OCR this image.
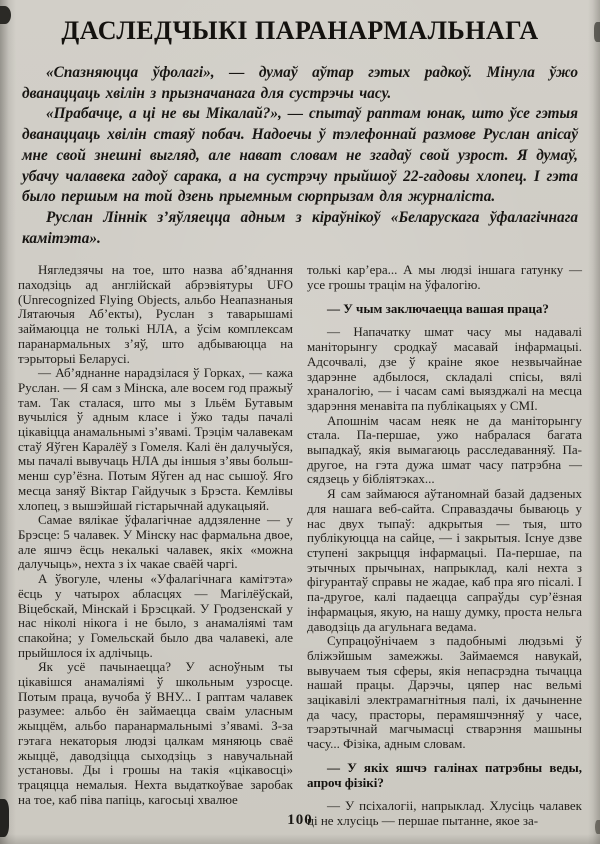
ДАСЛЕДЧЫКІ ПАРАНАРМАЛЬНАГА

«Спазняюцца ўфолагі», — думаў аўтар гэтых радкоў. Мінула ўжо дванаццаць хвілін з прызначанага для сустрэчы часу.

«Прабачце, а ці не вы Мікалай?», — спытаў раптам юнак, што ўсе гэтыя дванаццаць хвілін стаяў побач. Надоечы ў тэлефоннай размове Руслан апісаў мне свой знешні выгляд, але нават словам не згадаў свой узрост. Я думаў, убачу чалавека гадоў сарака, а на сустрэчу прыйшоў 22-гадовы хлопец. І гэта было першым на той дзень прыемным сюрпрызам для журналіста.

Руслан Ліннік з’яўляецца адным з кіраўнікоў «Беларускага ўфалагічнага камітэта».

Нягледзячы на тое, што назва аб’яднання паходзіць ад англійскай абрэвіятуры UFO (Unrecognized Flying Objects, альбо Неапазнаныя Лятаючыя Аб’екты), Руслан з таварышамі займаюцца не толькі НЛА, а ўсім комплексам паранармальных з’яў, што адбываюцца на тэрыторыі Беларусі.

— Аб’яднанне нарадзілася ў Горках, — кажа Руслан. — Я сам з Мінска, але восем год пражыў там. Так сталася, што мы з Ільём Бутавым вучыліся ў адным класе і ўжо тады пачалі цікавіцца анамальнымі з’явамі. Трэцім чалавекам стаў Яўген Каралёў з Гомеля. Калі ён далучыўся, мы пачалі вывучаць НЛА ды іншыя з’явы больш-менш сур’ёзна. Потым Яўген ад нас сышоў. Яго месца заняў Віктар Гайдучык з Брэста. Кемлівы хлопец, з вышэйшай гістарычнай адукацыяй.

Самае вялікае ўфалагічнае аддзяленне — у Брэсце: 5 чалавек. У Мінску нас фармальна двое, але яшчэ ёсць некалькі чалавек, якіх «можна далучыць», нехта з іх чакае сваёй чаргі.

А ўвогуле, члены «Уфалагічнага камітэта» ёсць у чатырох абласцях — Магілёўскай, Віцебскай, Мінскай і Брэсцкай. У Гродзенскай у нас ніколі нікога і не было, з анамаліямі там спакойна; у Гомельскай было два чалавекі, але прыйшлося іх адлічыць.

Як усё пачынаецца? У асноўным ты цікавішся анамаліямі ў школьным узросце. Потым праца, вучоба ў ВНУ... І раптам чалавек разумее: альбо ён займаецца сваім уласным жыццём, альбо паранармальнымі з’явамі. З-за гэтага некаторыя людзі цалкам мяняюць сваё жыццё, даводзіцца сыходзіць з навучальнай установы. Ды і грошы на такія «цікавосці» трацяцца немалыя. Нехта выдаткоўвае заробак на тое, каб піва папіць, кагосьці хвалюе

толькі кар’ера... А мы людзі іншага гатунку — усе грошы трацім на ўфалогію.

— У чым заключаецца вашая праца?

— Напачатку шмат часу мы надавалі маніторынгу сродкаў масавай інфармацыі. Адсочвалі, дзе ў краіне якое незвычайнае здарэнне адбылося, складалі спісы, вялі храналогію, — і часам самі выязджалі на месца здарэння менавіта па публікацыях у СМІ.

Апошнім часам неяк не да маніторынгу стала. Па-першае, ужо набралася багата выпадкаў, якія вымагаюць расследаванняў. Па-другое, на гэта дужа шмат часу патрэбна — сядзець у бібліятэках...

Я сам займаюся аўтаномнай базай дадзеных для нашага веб-сайта. Справаздачы бываюць у нас двух тыпаў: адкрытыя — тыя, што публікуюцца на сайце, — і закрытыя. Існуе дзве ступені закрыцця інфармацыі. Па-першае, па этычных прычынах, напрыклад, калі нехта з фігурантаў справы не жадае, каб пра яго пісалі. І па-другое, калі падаецца сапраўды сур’ёзная інфармацыя, якую, на нашу думку, проста нельга даводзіць да агульнага ведама.

Супрацоўнічаем з падобнымі людзьмі ў бліжэйшым замежжы. Займаемся навукай, вывучаем тыя сферы, якія непасрэдна тычацца нашай працы. Дарэчы, цяпер нас вельмі зацікавілі электрамагнітныя палі, іх дачыненне да часу, прасторы, перамяшчэнняў у часе, тэарэтычнай магчымасці стварэння машыны часу... Фізіка, адным словам.

— У якіх яшчэ галінах патрэбны веды, апроч фізікі?

— У псіхалогіі, напрыклад. Хлусіць чалавек ці не хлусіць — першае пытанне, якое за-

100
